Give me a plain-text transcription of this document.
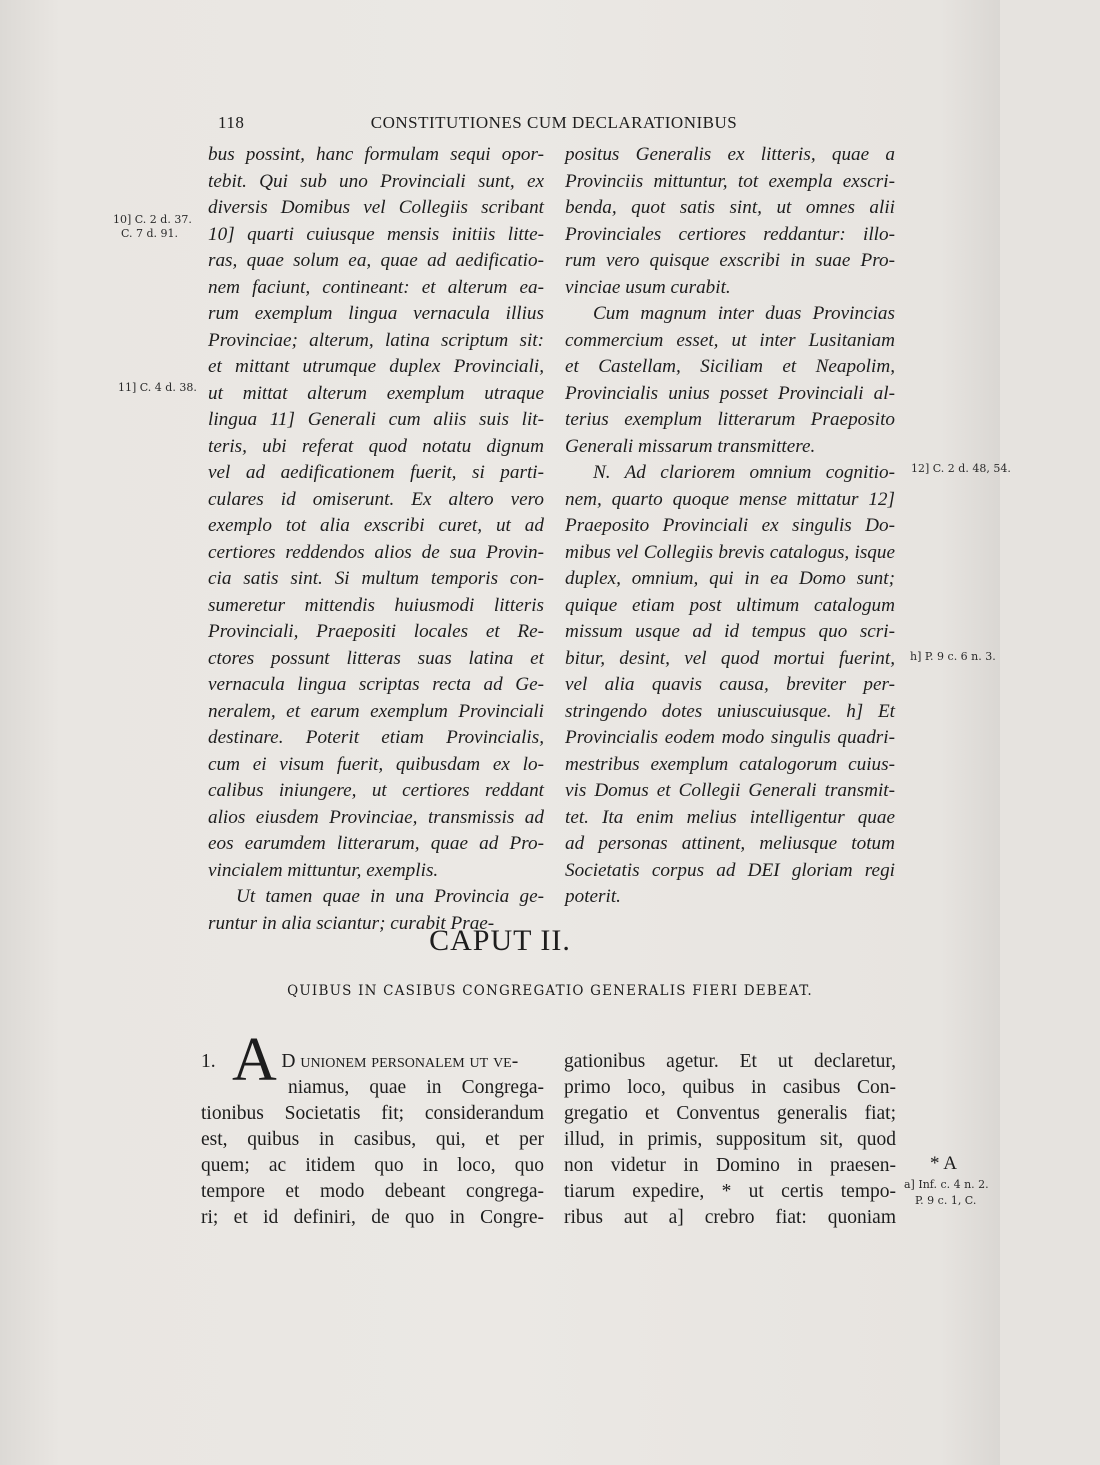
118	CONSTITUTIONES CUM DECLARATIONIBUS
10] C. 2 d. 37.
C. 7 d. 91.
11] C. 4 d. 38.
12] C. 2 d. 48, 54.
h] P. 9 c. 6 n. 3.
* A
a] Inf. c. 4 n. 2.
P. 9 c. 1, C.
bus possint, hanc formulam sequi opor-
tebit. Qui sub uno Provinciali sunt, ex
diversis Domibus vel Collegiis scribant
10] quarti cuiusque mensis initiis litte-
ras, quae solum ea, quae ad aedificatio-
nem faciunt, contineant: et alterum ea-
rum exemplum lingua vernacula illius
Provinciae; alterum, latina scriptum sit:
et mittant utrumque duplex Provinciali,
ut mittat alterum exemplum utraque
lingua 11] Generali cum aliis suis lit-
teris, ubi referat quod notatu dignum
vel ad aedificationem fuerit, si parti-
culares id omiserunt. Ex altero vero
exemplo tot alia exscribi curet, ut ad
certiores reddendos alios de sua Provin-
cia satis sint. Si multum temporis con-
sumeretur mittendis huiusmodi litteris
Provinciali, Praepositi locales et Re-
ctores possunt litteras suas latina et
vernacula lingua scriptas recta ad Ge-
neralem, et earum exemplum Provinciali
destinare. Poterit etiam Provincialis,
cum ei visum fuerit, quibusdam ex lo-
calibus iniungere, ut certiores reddant
alios eiusdem Provinciae, transmissis ad
eos earumdem litterarum, quae ad Pro-
vincialem mittuntur, exemplis.
Ut tamen quae in una Provincia ge-
runtur in alia sciantur; curabit Prae-
positus Generalis ex litteris, quae a
Provinciis mittuntur, tot exempla exscri-
benda, quot satis sint, ut omnes alii
Provinciales certiores reddantur: illo-
rum vero quisque exscribi in suae Pro-
vinciae usum curabit.
Cum magnum inter duas Provincias
commercium esset, ut inter Lusitaniam
et Castellam, Siciliam et Neapolim,
Provincialis unius posset Provinciali al-
terius exemplum litterarum Praeposito
Generali missarum transmittere.
N. Ad clariorem omnium cognitio-
nem, quarto quoque mense mittatur 12]
Praeposito Provinciali ex singulis Do-
mibus vel Collegiis brevis catalogus, isque
duplex, omnium, qui in ea Domo sunt;
quique etiam post ultimum catalogum
missum usque ad id tempus quo scri-
bitur, desint, vel quod mortui fuerint,
vel alia quavis causa, breviter per-
stringendo dotes uniuscuiusque. h] Et
Provincialis eodem modo singulis quadri-
mestribus exemplum catalogorum cuius-
vis Domus et Collegii Generali transmit-
tet. Ita enim melius intelligentur quae
ad personas attinent, meliusque totum
Societatis corpus ad DEI gloriam regi
poterit.
CAPUT II.
QUIBUS IN CASIBUS CONGREGATIO GENERALIS FIERI DEBEAT.
1.	D unionem personalem ut ve-
niamus, quae in Congrega-
tionibus Societatis fit; considerandum
est, quibus in casibus, qui, et per
quem; ac itidem quo in loco, quo
tempore et modo debeant congrega-
ri; et id definiri, de quo in Congre-
A	gationibus agetur. Et ut declaretur,
primo loco, quibus in casibus Con-
gregatio et Conventus generalis fiat;
illud, in primis, suppositum sit, quod
non videtur in Domino in praesen-
tiarum expedire, * ut certis tempo-
ribus aut a] crebro fiat: quoniam
